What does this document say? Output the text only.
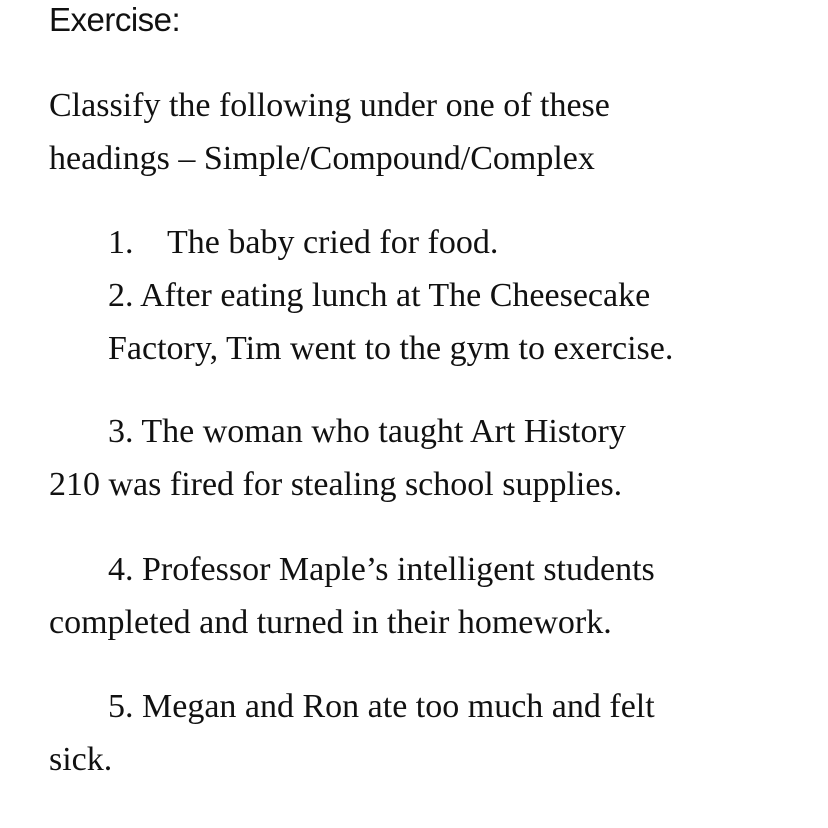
Exercise:

Classify the following under one of these

headings – Simple/Compound/Complex

1. The baby cried for food.

2. After eating lunch at The Cheesecake

Factory, Tim went to the gym to exercise.

3. The woman who taught Art History

210 was fired for stealing school supplies.

4. Professor Maple’s intelligent students

completed and turned in their homework.

5. Megan and Ron ate too much and felt

sick.
